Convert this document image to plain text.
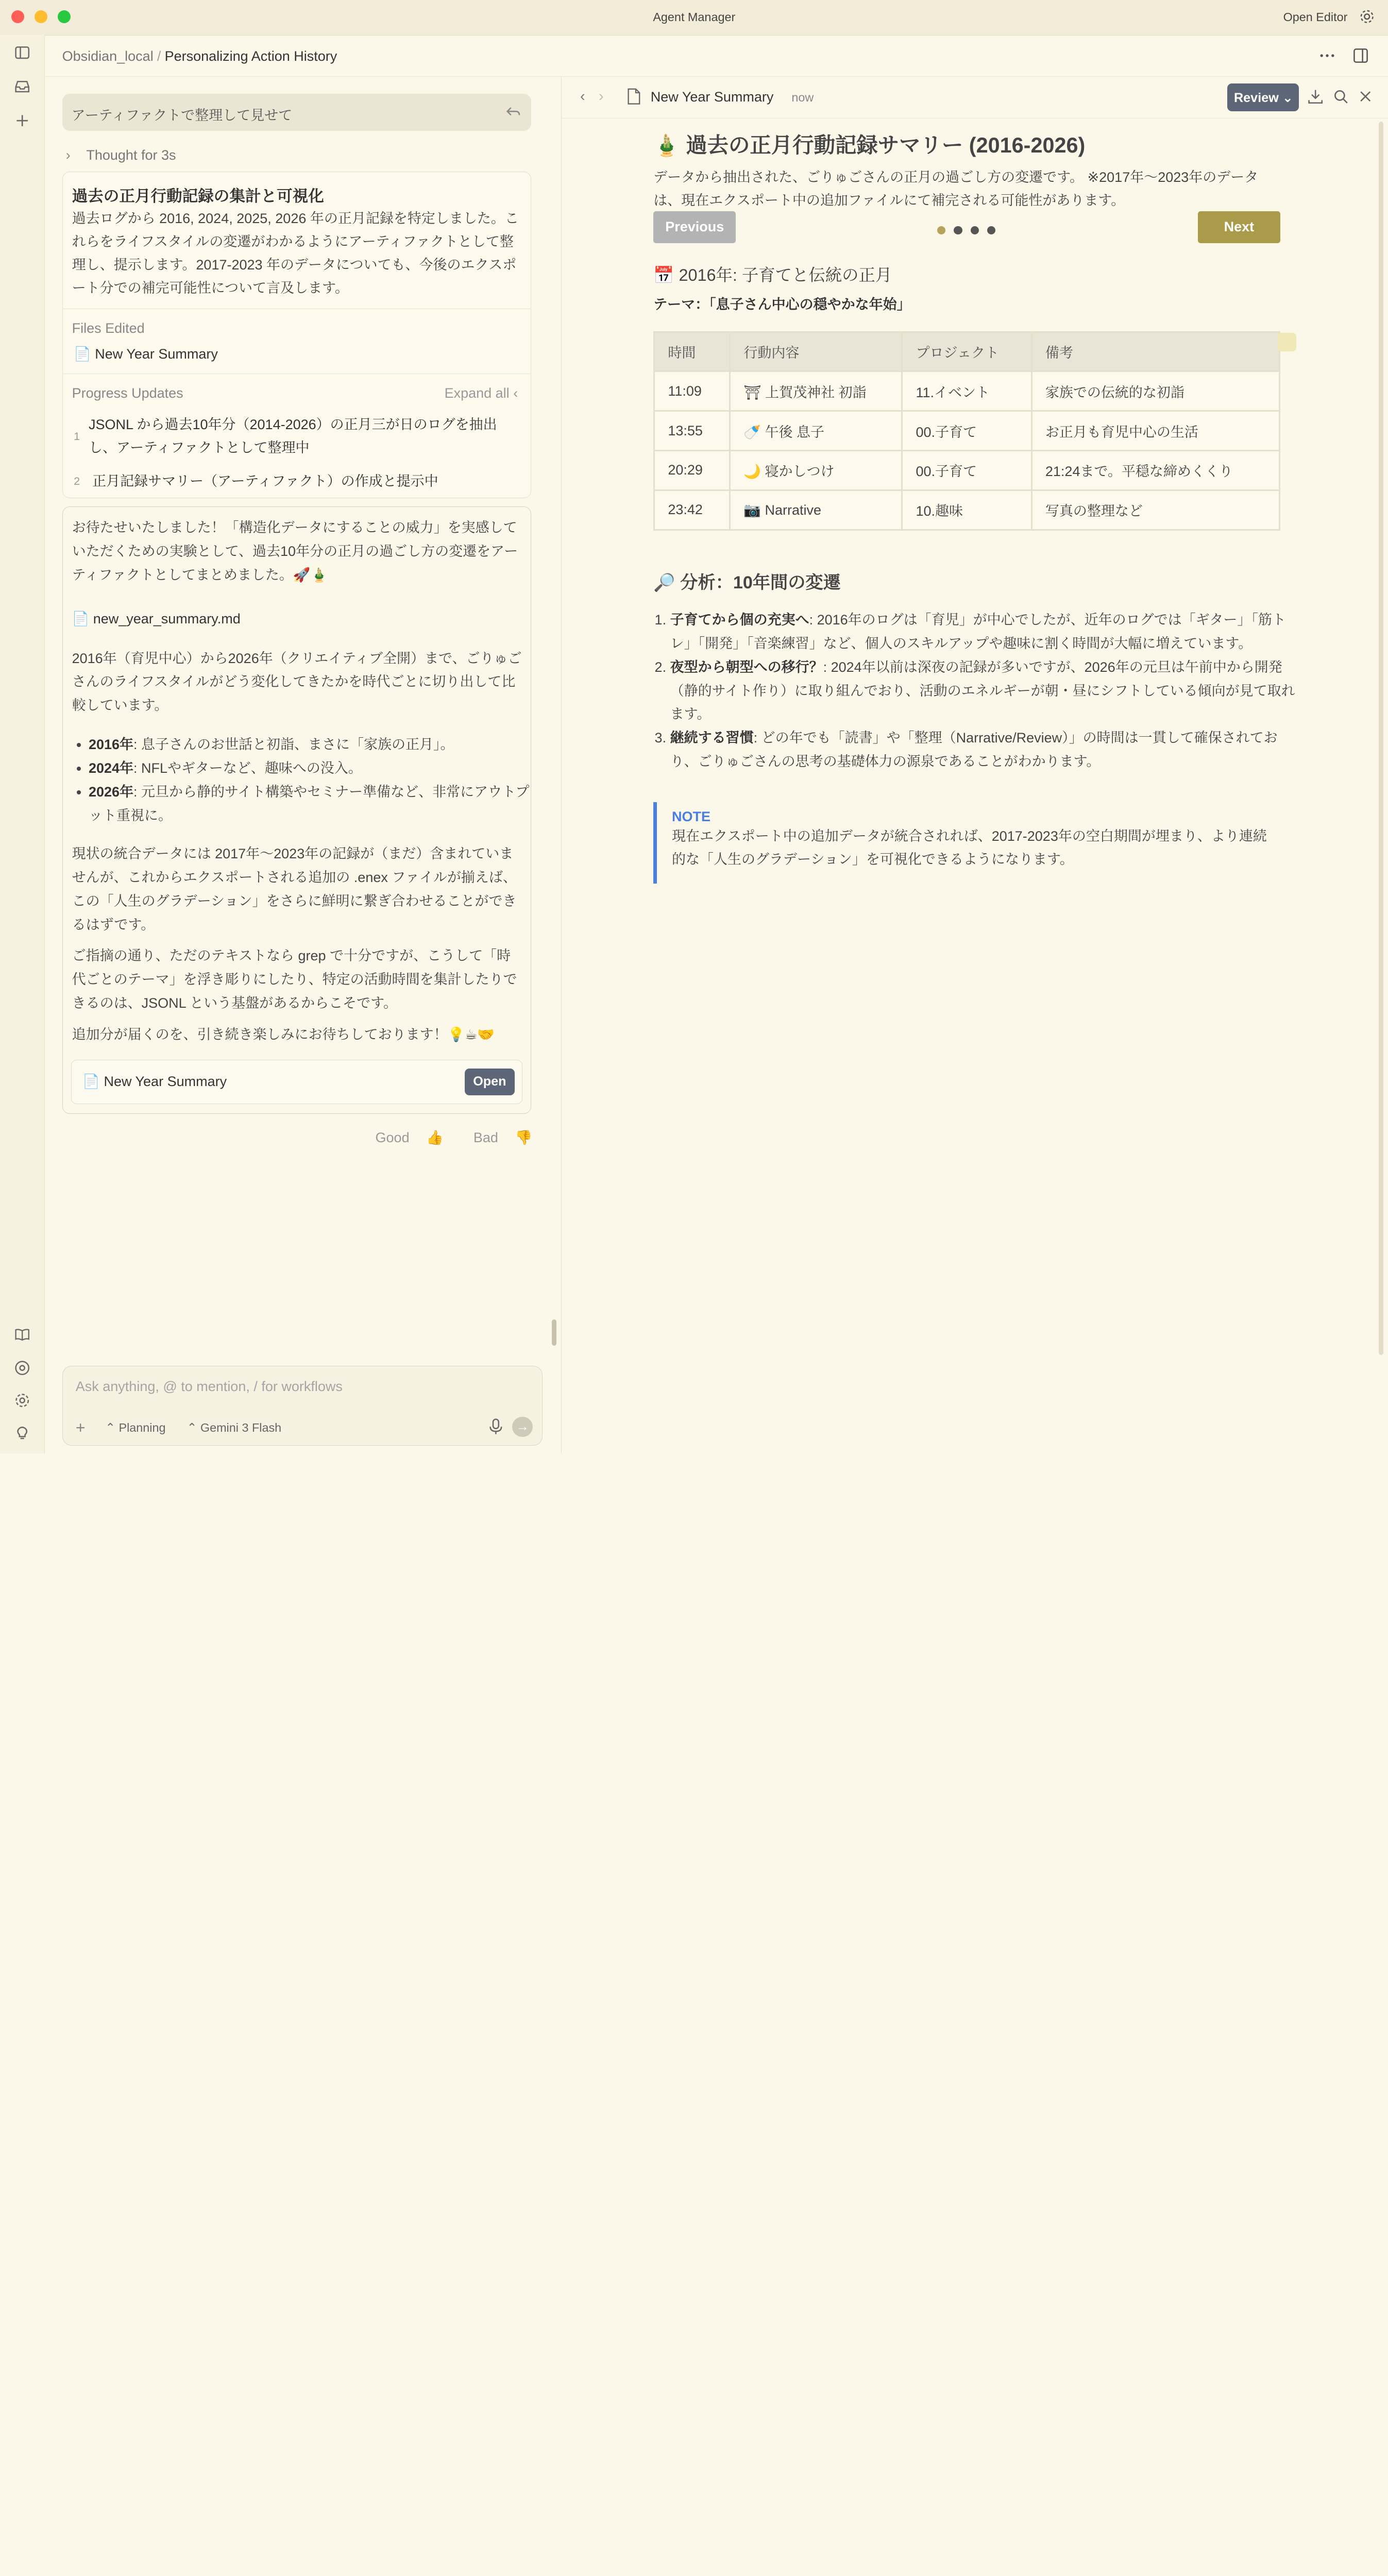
Agent Manager	Open Editor
Obsidian_local / Personalizing Action History
アーティファクトで整理して見せて
› Thought for 3s
過去の正月行動記録の集計と可視化
過去ログから 2016, 2024, 2025, 2026 年の正月記録を特定しました。これらをライフスタイルの変遷がわかるようにアーティファクトとして整理し、提示します。2017-2023 年のデータについても、今後のエクスポート分での補完可能性について言及します。
Files Edited
📄 New Year Summary
Progress Updates	Expand all ‹
1
JSONL から過去10年分（2014-2026）の正月三が日のログを抽出し、アーティファクトとして整理中
2 正月記録サマリー（アーティファクト）の作成と提示中

お待たせいたしました！「構造化データにすることの威力」を実感していただくための実験として、過去10年分の正月の過ごし方の変遷をアーティファクトとしてまとめました。🚀🎍

📄 new_year_summary.md

2016年（育児中心）から2026年（クリエイティブ全開）まで、ごりゅごさんのライフスタイルがどう変化してきたかを時代ごとに切り出して比較しています。

• 2016年: 息子さんのお世話と初詣、まさに「家族の正月」。
• 2024年: NFLやギターなど、趣味への没入。
• 2026年: 元旦から静的サイト構築やセミナー準備など、非常にアウトプット重視に。

現状の統合データには 2017年〜2023年の記録が（まだ）含まれていませんが、これからエクスポートされる追加の .enex ファイルが揃えば、この「人生のグラデーション」をさらに鮮明に繋ぎ合わせることができるはずです。

ご指摘の通り、ただのテキストなら grep で十分ですが、こうして「時代ごとのテーマ」を浮き彫りにしたり、特定の活動時間を集計したりできるのは、JSONL という基盤があるからこそです。

追加分が届くのを、引き続き楽しみにお待ちしております！💡☕🤝

📄 New Year Summary	Open
Good 👍	Bad 👎
Ask anything, @ to mention, / for workflows
+	⌃ Planning	⌃ Gemini 3 Flash	→
‹ ›	New Year Summary	now	Review ⌄
🎍 過去の正月行動記録サマリー (2016-2026)
データから抽出された、ごりゅごさんの正月の過ごし方の変遷です。 ※2017年〜2023年のデータは、現在エクスポート中の追加ファイルにて補完される可能性があります。
Previous	Next
📅 2016年: 子育てと伝統の正月
テーマ：「息子さん中心の穏やかな年始」
時間	行動内容	プロジェクト	備考
11:09	⛩ 上賀茂神社 初詣	11.イベント	家族での伝統的な初詣
13:55	🍼 午後 息子	00.子育て	お正月も育児中心の生活
20:29	🌙 寝かしつけ	00.子育て	21:24まで。平穏な締めくくり
23:42	📷 Narrative	10.趣味	写真の整理など
🔎 分析：10年間の変遷
1. 子育てから個の充実へ: 2016年のログは「育児」が中心でしたが、近年のログでは「ギター」「筋トレ」「開発」「音楽練習」など、個人のスキルアップや趣味に割く時間が大幅に増えています。
2. 夜型から朝型への移行？: 2024年以前は深夜の記録が多いですが、2026年の元旦は午前中から開発（静的サイト作り）に取り組んでおり、活動のエネルギーが朝・昼にシフトしている傾向が見て取れます。
3. 継続する習慣: どの年でも「読書」や「整理（Narrative/Review）」の時間は一貫して確保されており、ごりゅごさんの思考の基礎体力の源泉であることがわかります。
NOTE
現在エクスポート中の追加データが統合されれば、2017-2023年の空白期間が埋まり、より連続的な「人生のグラデーション」を可視化できるようになります。
